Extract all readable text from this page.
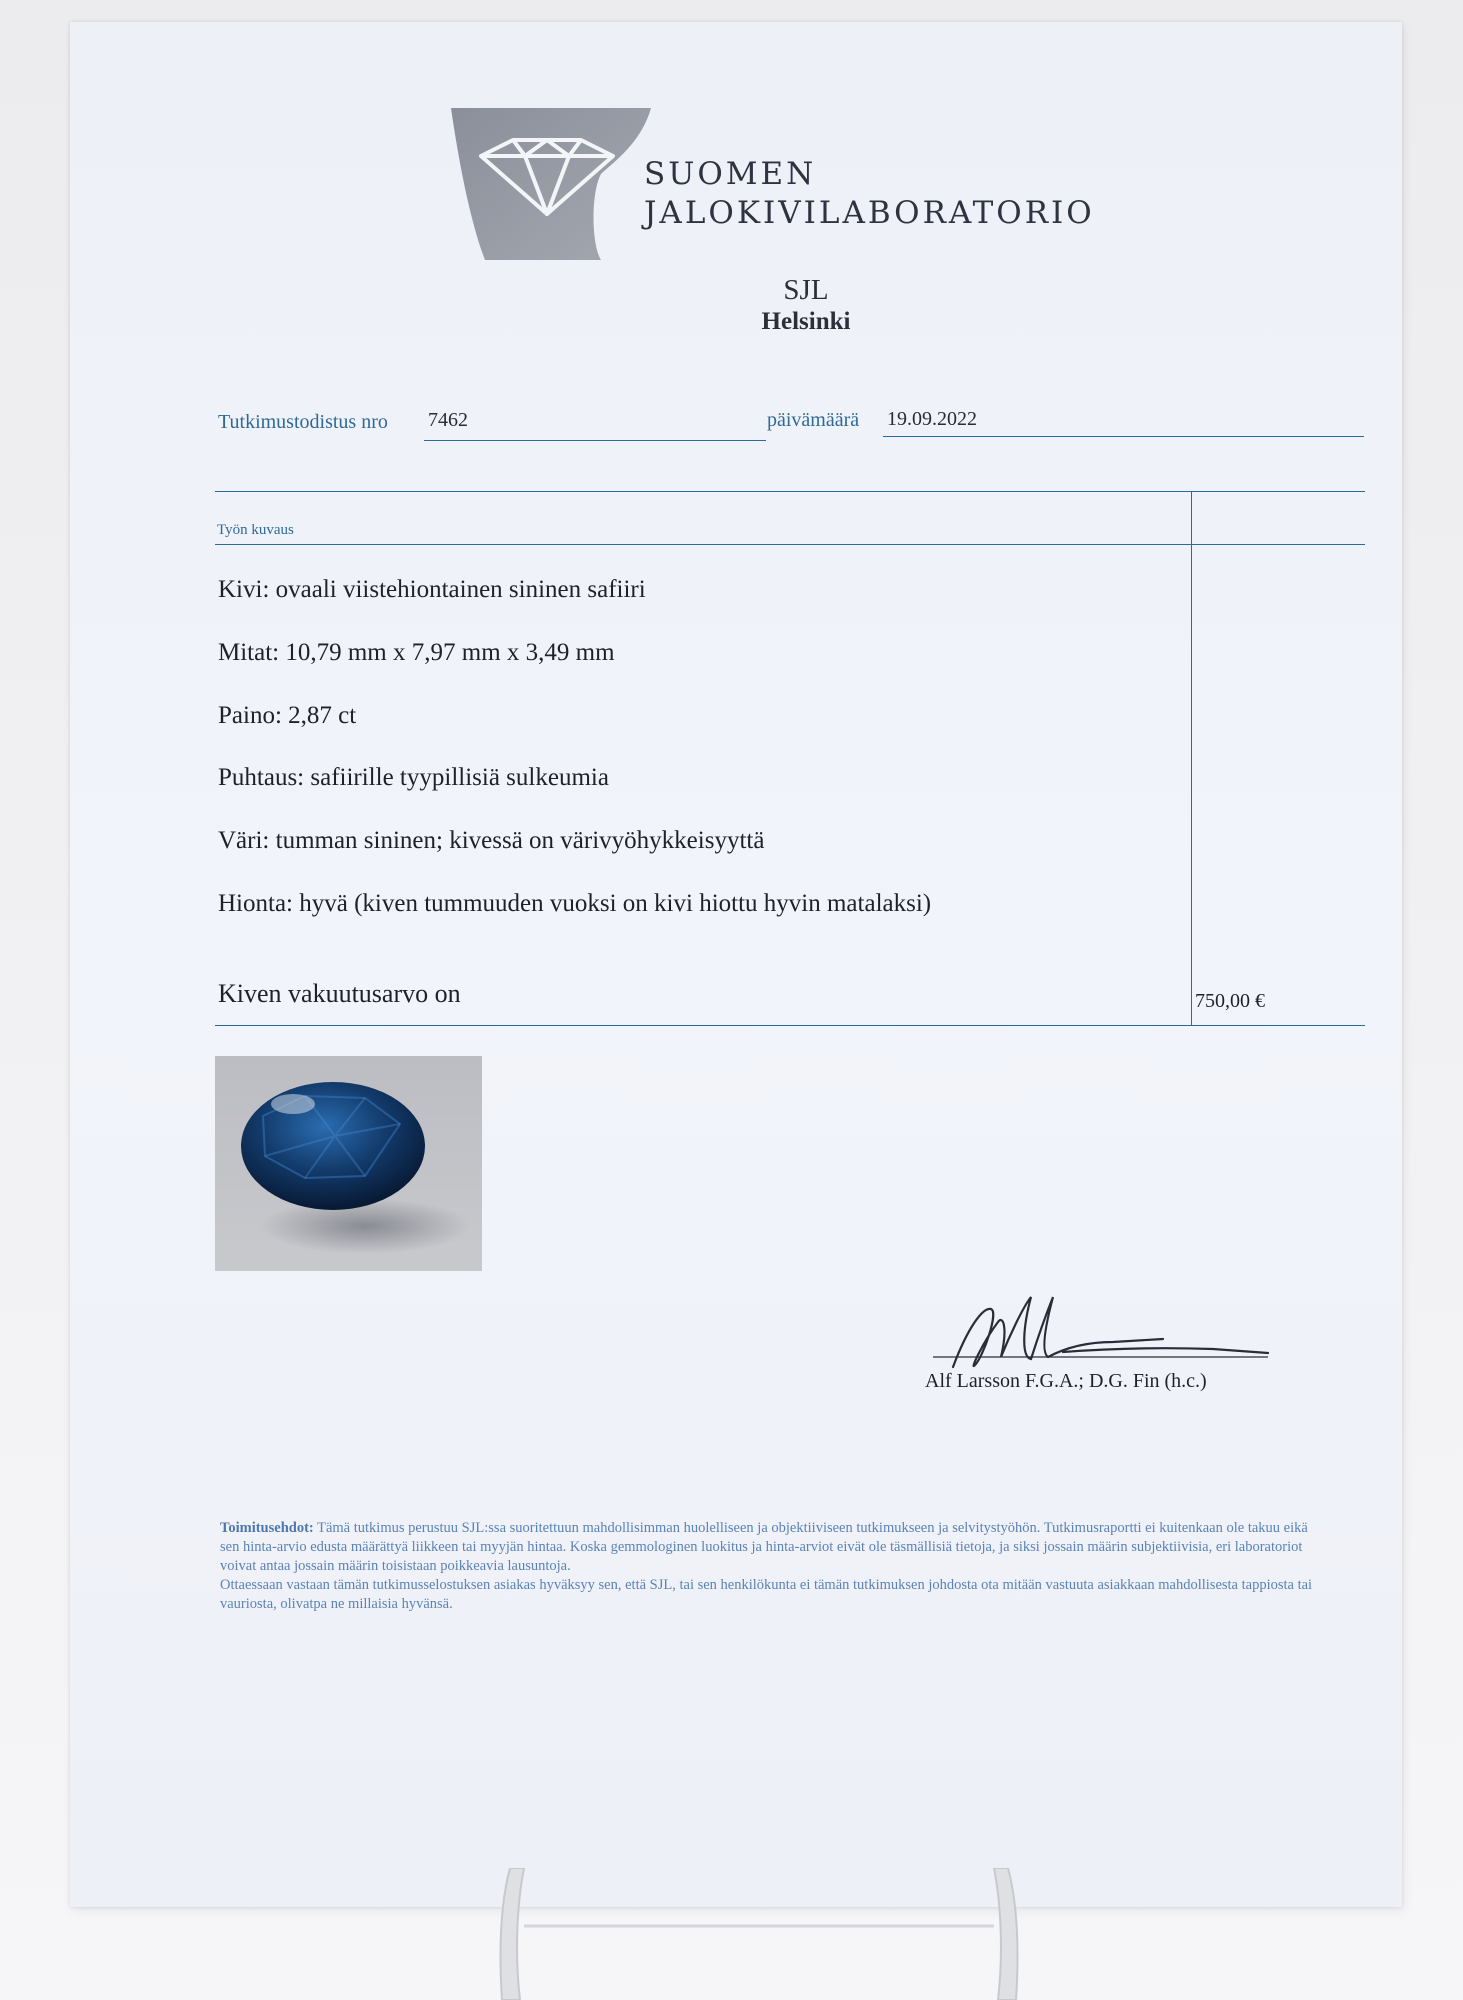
SUOMEN
JALOKIVILABORATORIO
SJL
Helsinki
Tutkimustodistus nro 7462	päivämäärä 19.09.2022
Työn kuvaus
Kivi: ovaali viistehiontainen sininen safiiri
Mitat: 10,79 mm x 7,97 mm x 3,49 mm
Paino: 2,87 ct
Puhtaus: safiirille tyypillisiä sulkeumia
Väri: tumman sininen; kivessä on värivyöhykkeisyyttä
Hionta: hyvä (kiven tummuuden vuoksi on kivi hiottu hyvin matalaksi)
Kiven vakuutusarvo on	750,00 €
Alf Larsson F.G.A.; D.G. Fin (h.c.)
Toimitusehdot: Tämä tutkimus perustuu SJL:ssa suoritettuun mahdollisimman huolelliseen ja objektiiviseen tutkimukseen ja selvitystyöhön. Tutkimusraportti ei kuitenkaan ole takuu eikä sen hinta-arvio edusta määrättyä liikkeen tai myyjän hintaa. Koska gemmologinen luokitus ja hinta-arviot eivät ole täsmällisiä tietoja, ja siksi jossain määrin subjektiivisia, eri laboratoriot voivat antaa jossain määrin toisistaan poikkeavia lausuntoja.
Ottaessaan vastaan tämän tutkimusselostuksen asiakas hyväksyy sen, että SJL, tai sen henkilökunta ei tämän tutkimuksen johdosta ota mitään vastuuta asiakkaan mahdollisesta tappiosta tai vauriosta, olivatpa ne millaisia hyvänsä.
